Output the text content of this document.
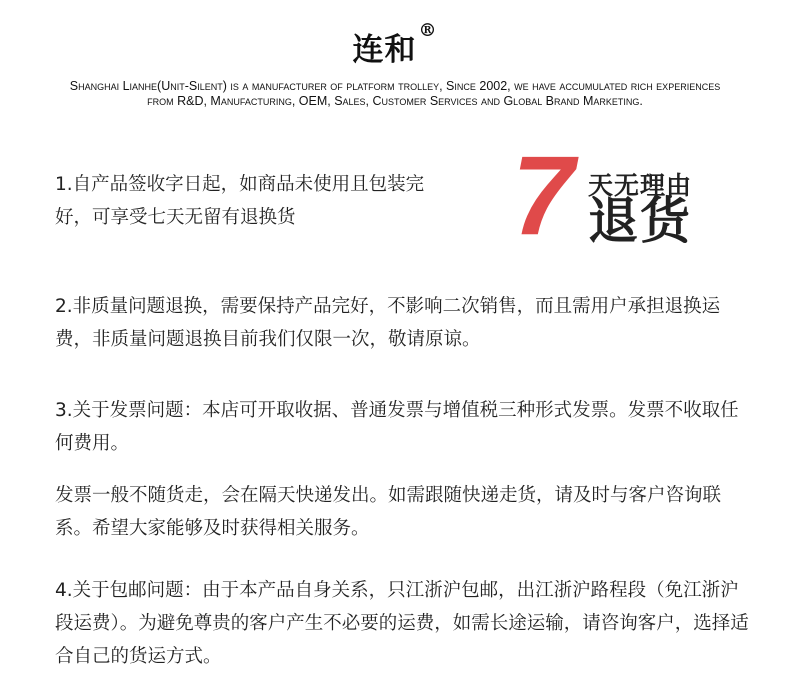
连和®
Shanghai Lianhe(Unit-Silent) is a manufacturer of platform trolley, Since 2002, we have accumulated rich experiences from R&D, Manufacturing, OEM, Sales, Customer Services and Global Brand Marketing.
7 天无理由
退货

1.自产品签收字日起，如商品未使用且包装完好，可享受七天无留有退换货

2.非质量问题退换，需要保持产品完好，不影响二次销售，而且需用户承担退换运费，非质量问题退换目前我们仅限一次，敬请原谅。

3.关于发票问题：本店可开取收据、普通发票与增值税三种形式发票。发票不收取任何费用。

发票一般不随货走，会在隔天快递发出。如需跟随快递走货，请及时与客户咨询联系。希望大家能够及时获得相关服务。

4.关于包邮问题：由于本产品自身关系，只江浙沪包邮，出江浙沪路程段（免江浙沪段运费）。为避免尊贵的客户产生不必要的运费，如需长途运输，请咨询客户，选择适合自己的货运方式。
